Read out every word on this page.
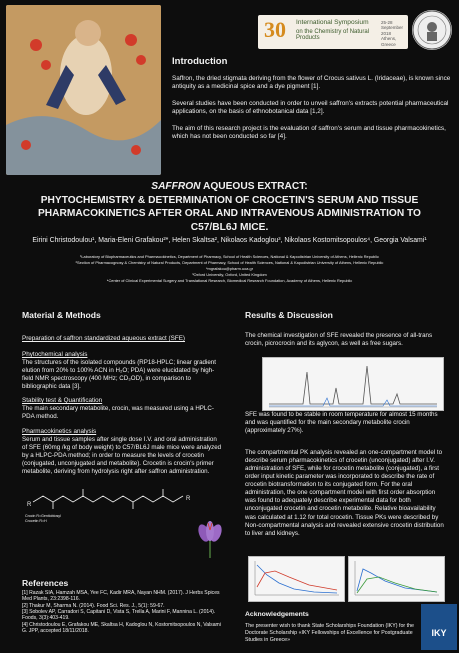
30 International Symposium
on the Chemistry of Natural Products
25-28 September 2018 Athens, Greece
Introduction
Saffron, the dried stigmata deriving from the flower of Crocus sativus L. (Iridaceae), is known since antiquity as a medicinal spice and a dye pigment [1].
Several studies have been conducted in order to unveil saffron's extracts potential pharmaceutical applications, on the basis of ethnobotanical data [1,2].
The aim of this research project is the evaluation of saffron's serum and tissue pharmacokinetics, which has not been conducted so far [4].
SAFFRON AQUEOUS EXTRACT:
PHYTOCHEMISTRY & DETERMINATION OF CROCETIN'S SERUM AND TISSUE
PHARMACOKINETICS AFTER ORAL AND INTRAVENOUS ADMINISTRATION TO
C57/BL6J MICE.
Eirini Christodoulou¹, Maria-Eleni Grafakou²*, Helen Skaltsa², Nikolaos Kadoglou³, Nikolaos Kostomitsopoulos⁴, Georgia Valsami¹
¹Laboratory of Biopharmaceutics and Pharmacokinetics, Department of Pharmacy, School of Health Sciences, National & Kapodistrian University of Athens, Hellenic Republic
²Section of Pharmacognosy & Chemistry of Natural Products, Department of Pharmacy, School of Health Sciences, National & Kapodistrian University of Athens, Hellenic Republic
*mgrafakou@pharm.uoa.gr
³Oxford University, Oxford, United Kingdom
⁴Center of Clinical Experimental Surgery and Translational Research, Biomedical Research Foundation, Academy of Athens, Hellenic Republic
Material & Methods
Preparation of saffron standardized aqueous extract (SFE)
Phytochemical analysis
The structures of the isolated compounds (RP18-HPLC; linear gradient elution from 20% to 100% ACN in H₂O; PDA) were elucidated by high-field NMR spectroscopy (400 MHz; CD₃OD), in comparison to bibliographic data [3].
Stability test & Quantification
The main secondary metabolite, crocin, was measured using a HPLC-PDA method.
Pharmacokinetics analysis
Serum and tissue samples after single dose I.V. and oral administration of SFE (60mg /kg of body weight) to C57/BL6J male mice were analyzed by a HLPC-PDA method; in order to measure the levels of crocetin (conjugated, unconjugated and metabolite). Crocetin is crocin's primer metabolite, deriving from hydrolysis right after saffron administration.
R
R
Crocin R=Gentiobiosyl
Crocetin R=H
References
[1] Razak SIA, Hamzah MSA, Yee FC, Kadir MRA, Nayan NHM. (2017). J Herbs Spices Med Plants, 23:2398-116.
[2] Thakur M, Sharma N. (2014). Food Sci. Res. J., 5(1): 59-67.
[3] Sobolev AP, Carradori S, Capitani D, Vista S, Trella A, Marini F, Mannina L. (2014). Foods, 3(3):403-419.
[4] Christodoulou E, Grafakou ME, Skaltsa H, Kadoglou N, Kostomitsopoulos N, Valsami G. JPP, accepted 18/11/2018.
Results & Discussion
The chemical investigation of SFE revealed the presence of all-trans crocin, picrocrocin and its aglycon, as well as free sugars.
SFE was found to be stable in room temperature for almost 15 months and was quantified for the main secondary metabolite crocin (approximately 27%).
The compartmental PK analysis revealed an one-compartment model to describe serum pharmacokinetics of crocetin (unconjugated) after I.V. administration of SFE, while for crocetin metabolite (conjugated), a first order input kinetic parameter was incorporated to describe the rate of crocetin biotransformation to its conjugated form. For the oral administration, the one compartment model with first order absorption was found to adequately describe experimental data for both unconjugated crocetin and crocetin metabolite. Relative bioavailability was calculated at 1.12 for total crocetin. Tissue PKs were described by Non-compartmental analysis and revealed extensive crocetin distribution to liver and kidneys.
Acknowledgements
The presenter wish to thank State Scholarships Foundation (IKY) for the Doctorate Scholarship «IKY Fellowships of Excellence for Postgraduate Studies in Greece»
IKY
